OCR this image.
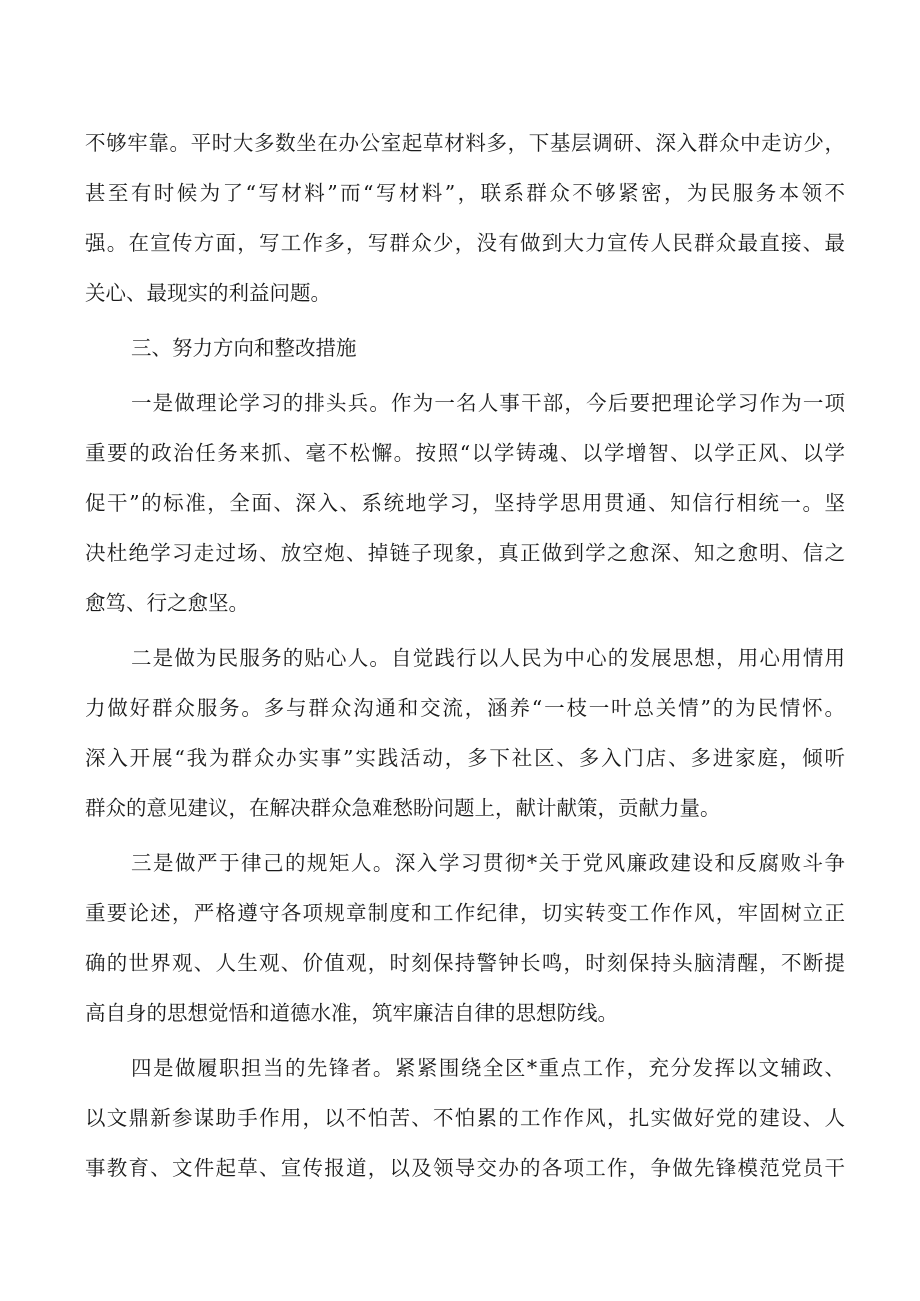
不够牢靠。平时大多数坐在办公室起草材料多，下基层调研、深入群众中走访少，
甚至有时候为了“写材料”而“写材料”，联系群众不够紧密，为民服务本领不
强。在宣传方面，写工作多，写群众少，没有做到大力宣传人民群众最直接、最
关心、最现实的利益问题。
三、努力方向和整改措施
一是做理论学习的排头兵。作为一名人事干部，今后要把理论学习作为一项
重要的政治任务来抓、毫不松懈。按照“以学铸魂、以学增智、以学正风、以学
促干”的标准，全面、深入、系统地学习，坚持学思用贯通、知信行相统一。坚
决杜绝学习走过场、放空炮、掉链子现象，真正做到学之愈深、知之愈明、信之
愈笃、行之愈坚。
二是做为民服务的贴心人。自觉践行以人民为中心的发展思想，用心用情用
力做好群众服务。多与群众沟通和交流，涵养“一枝一叶总关情”的为民情怀。
深入开展“我为群众办实事”实践活动，多下社区、多入门店、多进家庭，倾听
群众的意见建议，在解决群众急难愁盼问题上，献计献策，贡献力量。
三是做严于律己的规矩人。深入学习贯彻*关于党风廉政建设和反腐败斗争
重要论述，严格遵守各项规章制度和工作纪律，切实转变工作作风，牢固树立正
确的世界观、人生观、价值观，时刻保持警钟长鸣，时刻保持头脑清醒，不断提
高自身的思想觉悟和道德水准，筑牢廉洁自律的思想防线。
四是做履职担当的先锋者。紧紧围绕全区*重点工作，充分发挥以文辅政、
以文鼎新参谋助手作用，以不怕苦、不怕累的工作作风，扎实做好党的建设、人
事教育、文件起草、宣传报道，以及领导交办的各项工作，争做先锋模范党员干
